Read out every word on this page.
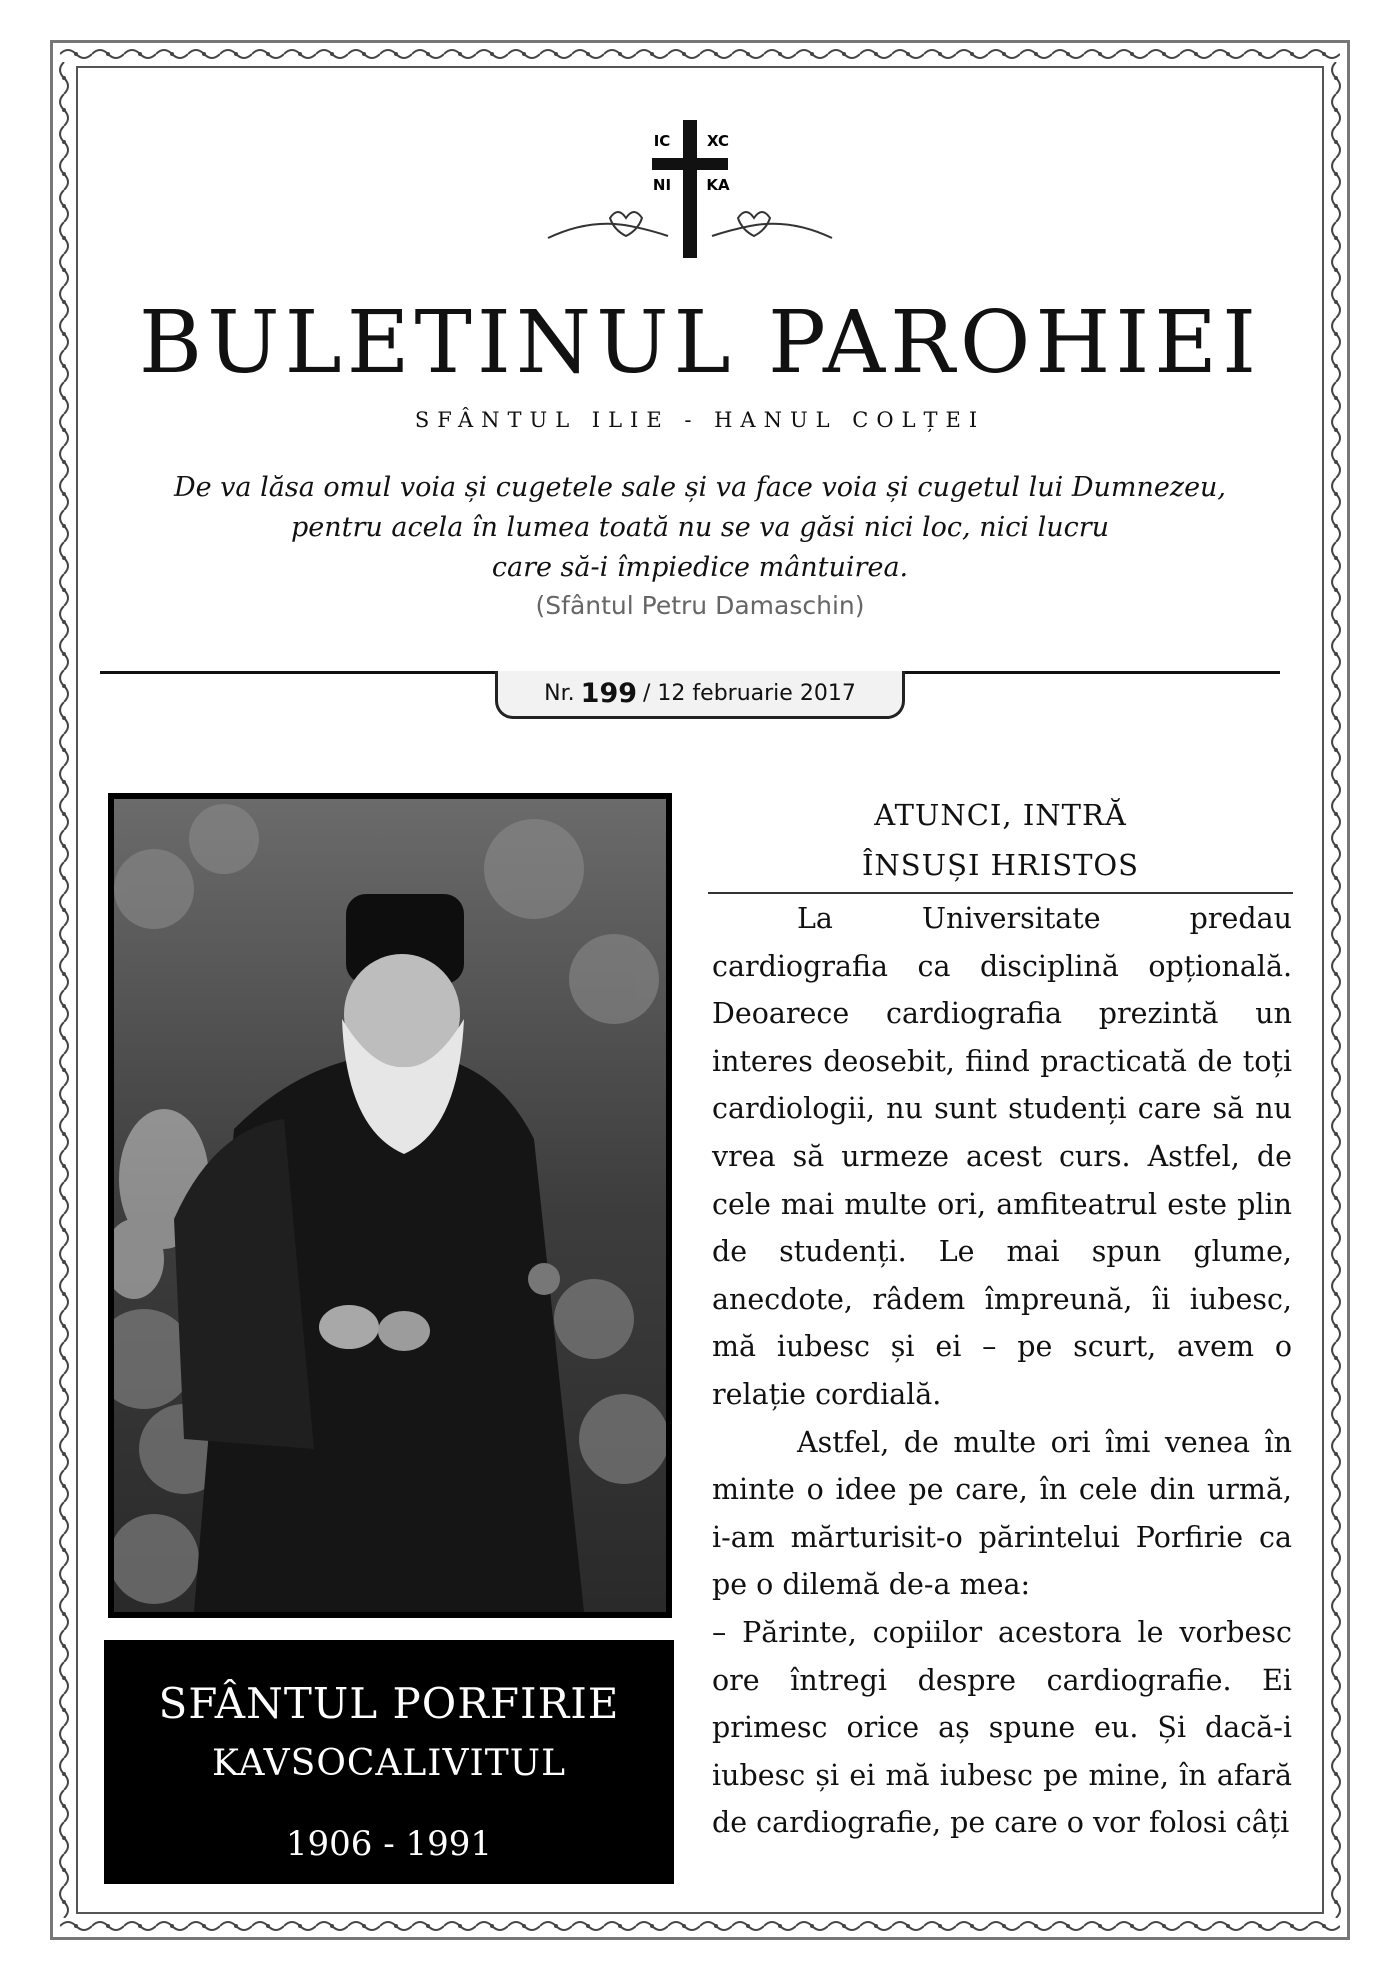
IC XC
NI KA
BULETINUL PAROHIEI
SFÂNTUL ILIE - HANUL COLȚEI
De va lăsa omul voia și cugetele sale și va face voia și cugetul lui Dumnezeu,
pentru acela în lumea toată nu se va găsi nici loc, nici lucru
care să-i împiedice mântuirea.
(Sfântul Petru Damaschin)
Nr. 199 / 12 februarie 2017
SFÂNTUL PORFIRIE
KAVSOCALIVITUL
1906 - 1991
ATUNCI, INTRĂ
ÎNSUȘI HRISTOS

La Universitate predau cardiografia ca disciplină opțională. Deoarece cardiografia prezintă un interes deosebit, fiind practicată de toți cardiologii, nu sunt studenți care să nu vrea să urmeze acest curs. Astfel, de cele mai multe ori, amfiteatrul este plin de studenți. Le mai spun glume, anecdote, râdem împreună, îi iubesc, mă iubesc și ei – pe scurt, avem o relație cordială.

Astfel, de multe ori îmi venea în minte o idee pe care, în cele din urmă, i-am mărturisit-o părintelui Porfirie ca pe o dilemă de-a mea:

– Părinte, copiilor acestora le vorbesc ore întregi despre cardiografie. Ei primesc orice aș spune eu. Și dacă-i iubesc și ei mă iubesc pe mine, în afară de cardiografie, pe care o vor folosi câți
